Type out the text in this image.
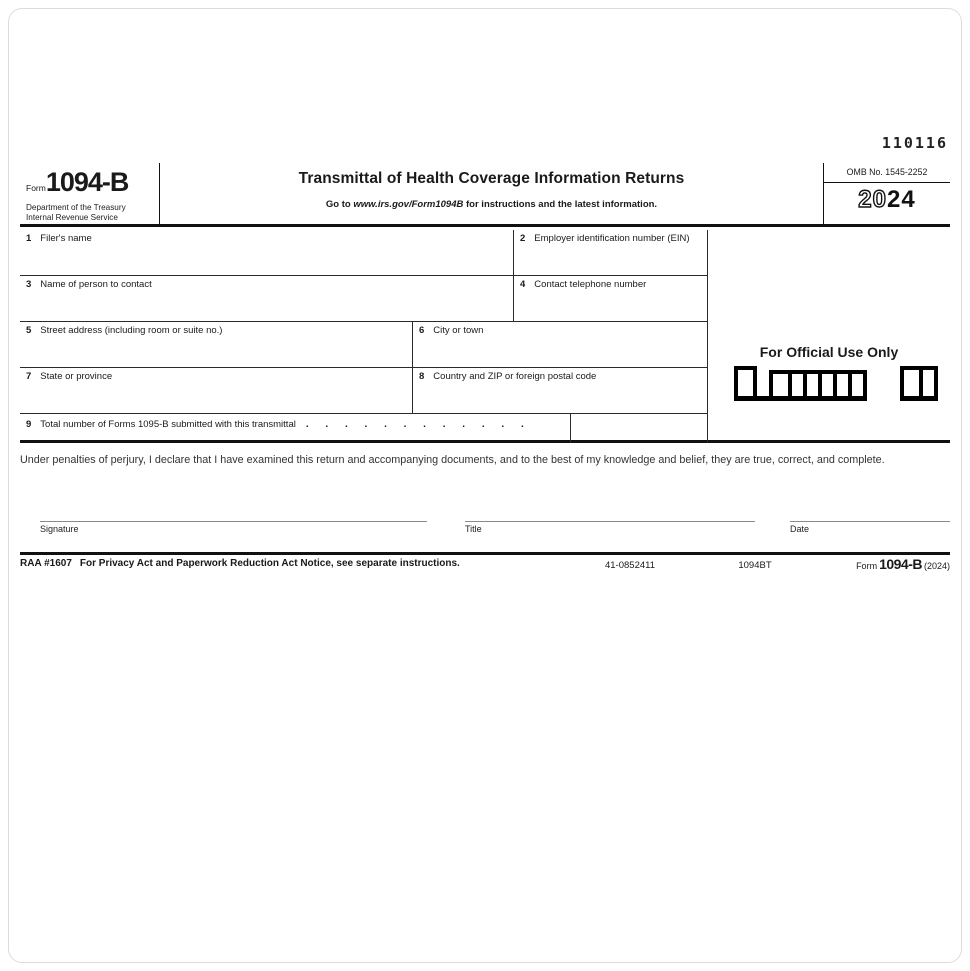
110116
Form1094-B
Department of the Treasury
Internal Revenue Service
Transmittal of Health Coverage Information Returns
Go to www.irs.gov/Form1094B for instructions and the latest information.
OMB No. 1545-2252
2024
1 Filer's name	2 Employer identification number (EIN)
3 Name of person to contact	4 Contact telephone number
5 Street address (including room or suite no.)	6 City or town
7 State or province	8 Country and ZIP or foreign postal code
9 Total number of Forms 1095-B submitted with this transmittal . . . . . . . . . . . .
For Official Use Only
Under penalties of perjury, I declare that I have examined this return and accompanying documents, and to the best of my knowledge and belief, they are true, correct, and complete.
Signature	Title	Date
RAA #1607 For Privacy Act and Paperwork Reduction Act Notice, see separate instructions.	41-0852411	1094BT	Form 1094-B (2024)
